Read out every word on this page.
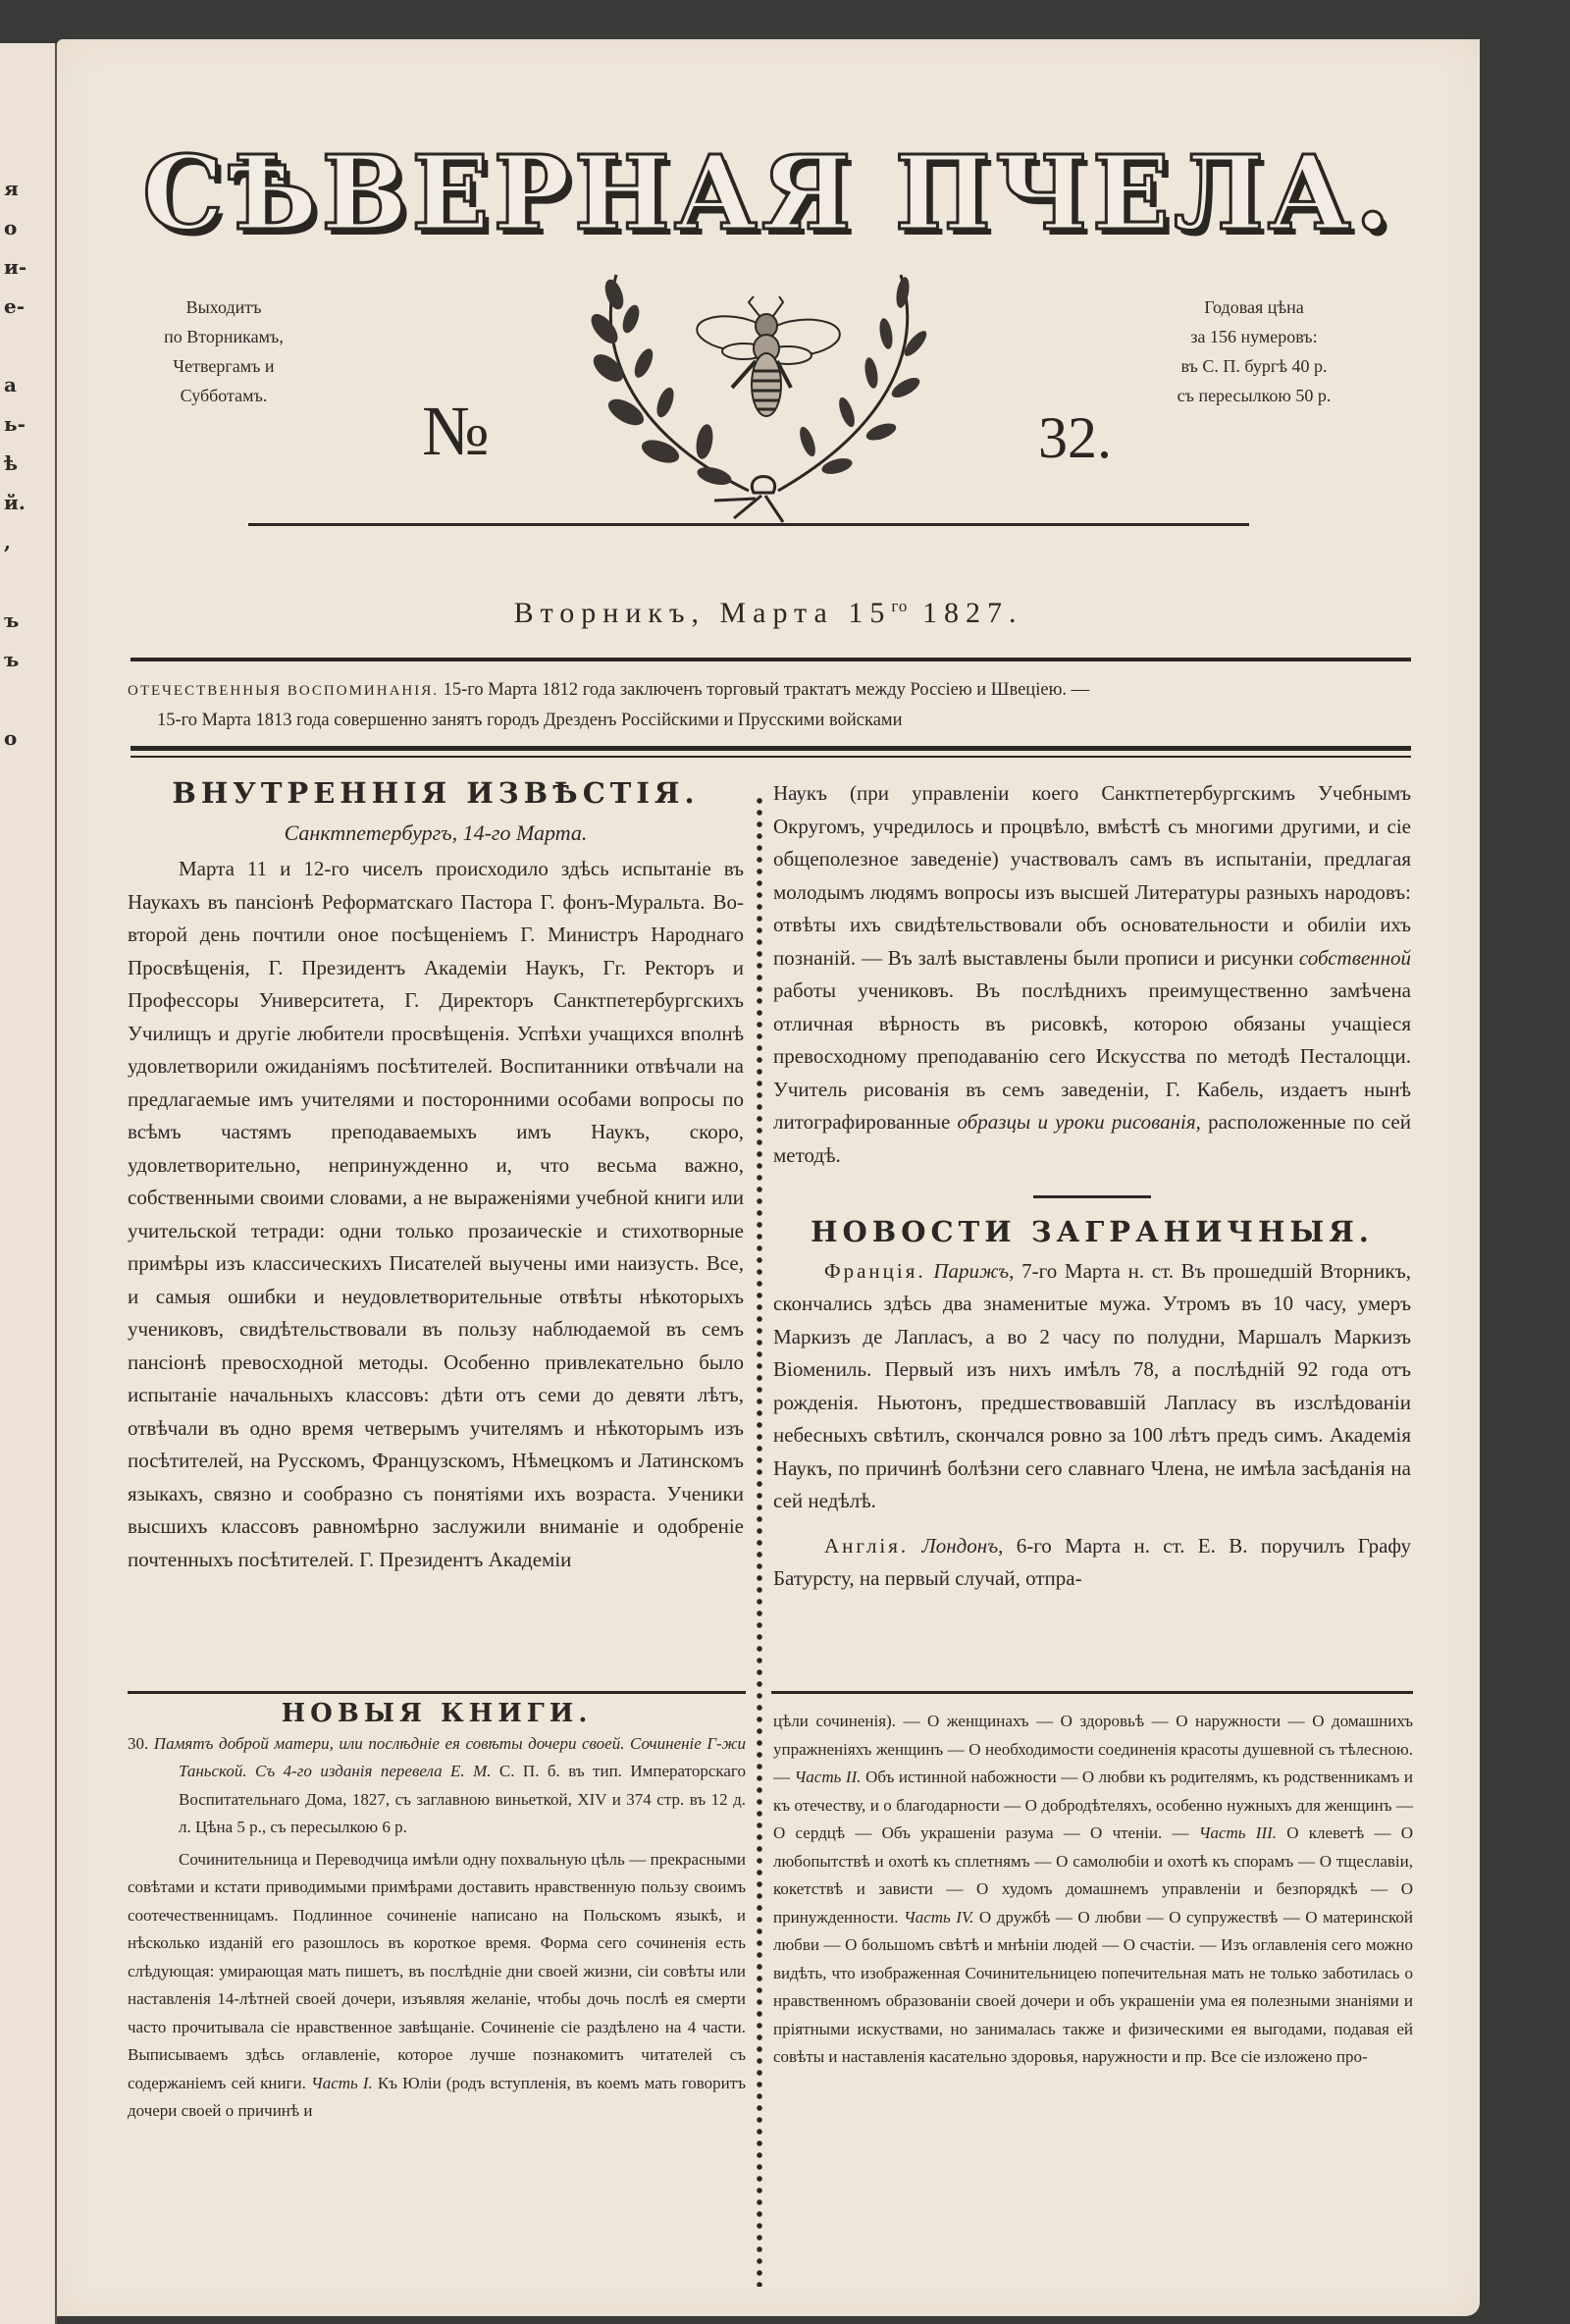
я
о
и-
е-

а
ь-
ѣ
й.
,

ъ
ъ

о
СѢВЕРНАЯ ПЧЕЛА.
Выходитъ
по Вторникамъ,
Четвергамъ и
Субботамъ.
Годовая цѣна
за 156 нумеровъ:
въ С. П. бургѣ 40 р.
съ пересылкою 50 р.
№	32.
Вторникъ, Марта $15^{го}$ 1827.
ОТЕЧЕСТВЕННЫЯ ВОСПОМИНАНІЯ. 15-го Марта 1812 года заключенъ торговый трактатъ между Россіею и Швеціею. —
15-го Марта 1813 года совершенно занятъ городъ Дрезденъ Россійскими и Прусскими войсками
ВНУТРЕННІЯ ИЗВѢСТІЯ.
Санктпетербургъ, 14-го Марта.

Марта 11 и 12-го чиселъ происходило здѣсь испытаніе въ Наукахъ въ пансіонѣ Реформатскаго Пастора Г. фонъ-Муральта. Во-второй день почтили оное посѣщеніемъ Г. Министръ Народнаго Просвѣщенія, Г. Президентъ Академіи Наукъ, Гг. Ректоръ и Профессоры Университета, Г. Директоръ Санктпетербургскихъ Училищъ и другіе любители просвѣщенія. Успѣхи учащихся вполнѣ удовлетворили ожиданіямъ посѣтителей. Воспитанники отвѣчали на предлагаемые имъ учителями и посторонними особами вопросы по всѣмъ частямъ преподаваемыхъ имъ Наукъ, скоро, удовлетворительно, непринужденно и, что весьма важно, собственными своими словами, а не выраженіями учебной книги или учительской тетради: одни только прозаическіе и стихотворные примѣры изъ классическихъ Писателей выучены ими наизусть. Все, и самыя ошибки и неудовлетворительные отвѣты нѣкоторыхъ учениковъ, свидѣтельствовали въ пользу наблюдаемой въ семъ пансіонѣ превосходной методы. Особенно привлекательно было испытаніе начальныхъ классовъ: дѣти отъ семи до девяти лѣтъ, отвѣчали въ одно время четверымъ учителямъ и нѣкоторымъ изъ посѣтителей, на Русскомъ, Французскомъ, Нѣмецкомъ и Латинскомъ языкахъ, связно и сообразно съ понятіями ихъ возраста. Ученики высшихъ классовъ равномѣрно заслужили вниманіе и одобреніе почтенныхъ посѣтителей. Г. Президентъ Академіи

НОВЫЯ КНИГИ.

30. Памятъ доброй матери, или послѣдніе ея совѣты дочери своей. Сочиненіе Г-жи Таньской. Съ 4-го изданія перевела Е. М. С. П. б. въ тип. Императорскаго Воспитательнаго Дома, 1827, съ заглавною виньеткой, XIV и 374 стр. въ 12 д. л. Цѣна 5 р., съ пересылкою 6 р.

Сочинительница и Переводчица имѣли одну похвальную цѣль — прекрасными совѣтами и кстати приводимыми примѣрами доставить нравственную пользу своимъ соотечественницамъ. Подлинное сочиненіе написано на Польскомъ языкѣ, и нѣсколько изданій его разошлось въ короткое время. Форма сего сочиненія есть слѣдующая: умирающая мать пишетъ, въ послѣдніе дни своей жизни, сіи совѣты или наставленія 14-лѣтней своей дочери, изъявляя желаніе, чтобы дочь послѣ ея смерти часто прочитывала сіе нравственное завѣщаніе. Сочиненіе сіе раздѣлено на 4 части. Выписываемъ здѣсь оглавленіе, которое лучше познакомитъ читателей съ содержаніемъ сей книги. Часть I. Къ Юліи (родъ вступленія, въ коемъ мать говоритъ дочери своей о причинѣ и

Наукъ (при управленіи коего Санктпетербургскимъ Учебнымъ Округомъ, учредилось и процвѣло, вмѣстѣ съ многими другими, и сіе общеполезное заведеніе) участвовалъ самъ въ испытаніи, предлагая молодымъ людямъ вопросы изъ высшей Литературы разныхъ народовъ: отвѣты ихъ свидѣтельствовали объ основательности и обиліи ихъ познаній. — Въ залѣ выставлены были прописи и рисунки собственной работы учениковъ. Въ послѣднихъ преимущественно замѣчена отличная вѣрность въ рисовкѣ, которою обязаны учащіеся превосходному преподаванію сего Искусства по методѣ Песталоцци. Учитель рисованія въ семъ заведеніи, Г. Кабель, издаетъ нынѣ литографированные образцы и уроки рисованія, расположенные по сей методѣ.

НОВОСТИ ЗАГРАНИЧНЫЯ.

Франція. Парижъ, 7-го Марта н. ст. Въ прошедшій Вторникъ, скончались здѣсь два знаменитые мужа. Утромъ въ 10 часу, умеръ Маркизъ де Лапласъ, а во 2 часу по полудни, Маршалъ Маркизъ Віомениль. Первый изъ нихъ имѣлъ 78, а послѣдній 92 года отъ рожденія. Ньютонъ, предшествовавшій Лапласу въ изслѣдованіи небесныхъ свѣтилъ, скончался ровно за 100 лѣтъ предъ симъ. Академія Наукъ, по причинѣ болѣзни сего славнаго Члена, не имѣла засѣданія на сей недѣлѣ.

Англія. Лондонъ, 6-го Марта н. ст. Е. В. поручилъ Графу Батурсту, на первый случай, отпра-

цѣли сочиненія). — О женщинахъ — О здоровьѣ — О наружности — О домашнихъ упражненіяхъ женщинъ — О необходимости соединенія красоты душевной съ тѣлесною. — Часть II. Объ истинной набожности — О любви къ родителямъ, къ родственникамъ и къ отечеству, и о благодарности — О добродѣтеляхъ, особенно нужныхъ для женщинъ — О сердцѣ — Объ украшеніи разума — О чтеніи. — Часть III. О клеветѣ — О любопытствѣ и охотѣ къ сплетнямъ — О самолюбіи и охотѣ къ спорамъ — О тщеславіи, кокетствѣ и зависти — О худомъ домашнемъ управленіи и безпорядкѣ — О принужденности. Часть IV. О дружбѣ — О любви — О супружествѣ — О материнской любви — О большомъ свѣтѣ и мнѣніи людей — О счастіи. — Изъ оглавленія сего можно видѣть, что изображенная Сочинительницею попечительная мать не только заботилась о нравственномъ образованіи своей дочери и объ украшеніи ума ея полезными знаніями и пріятными искуствами, но занималась также и физическими ея выгодами, подавая ей совѣты и наставленія касательно здоровья, наружности и пр. Все сіе изложено про-
